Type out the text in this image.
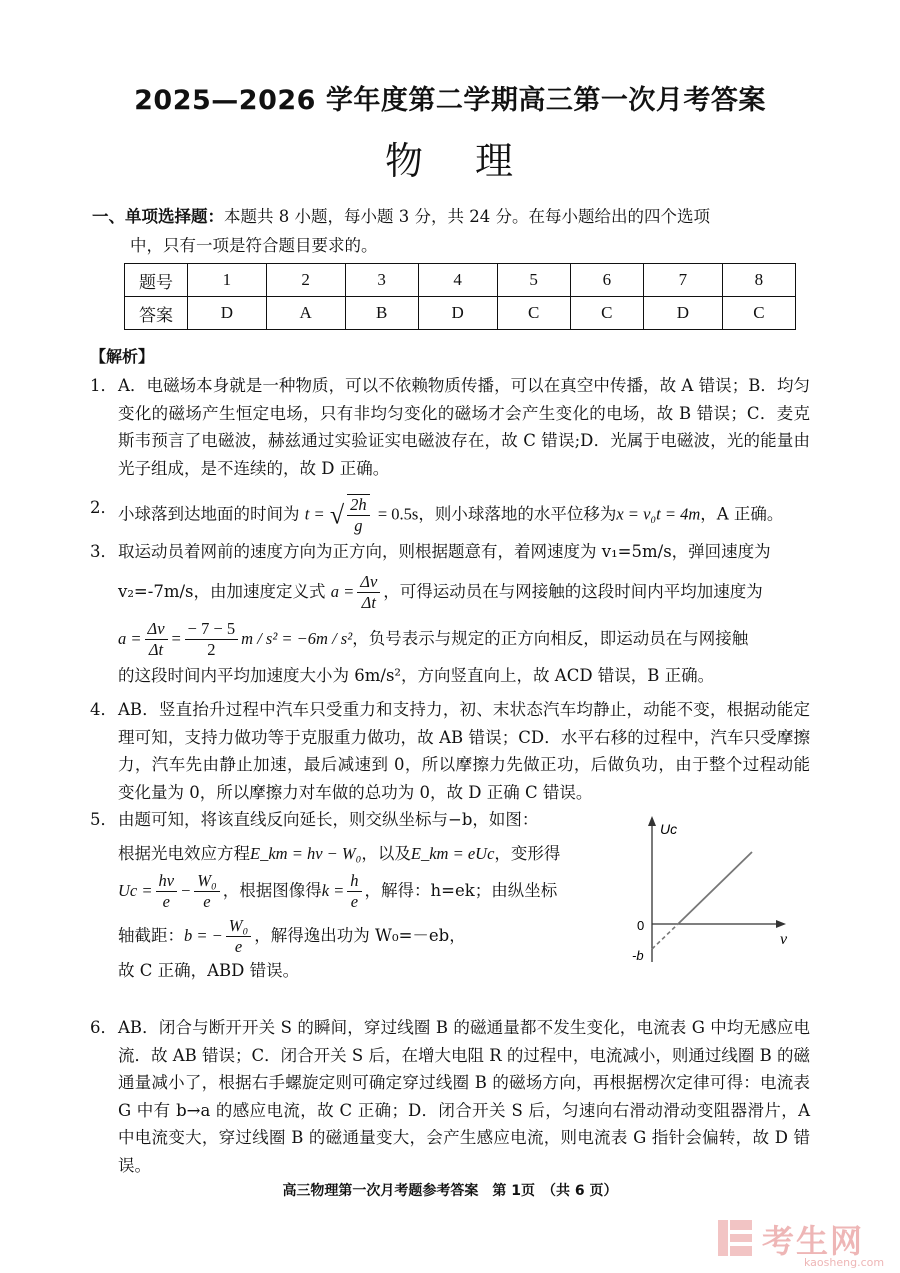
2025—2026 学年度第二学期高三第一次月考答案
物 理
一、单项选择题：本题共 8 小题，每小题 3 分，共 24 分。在每小题给出的四个选项
中，只有一项是符合题目要求的。
题号	1	2	3	4	5	6	7	8
答案	D	A	B	D	C	C	D	C
【解析】
1． A．电磁场本身就是一种物质，可以不依赖物质传播，可以在真空中传播，故 A 错误；B．均匀变化的磁场产生恒定电场，只有非均匀变化的磁场才会产生变化的电场，故 B 错误；C．麦克斯韦预言了电磁波，赫兹通过实验证实电磁波存在，故 C 错误;D．光属于电磁波，光的能量由光子组成，是不连续的，故 D 正确。
2． 小球落到达地面的时间为 t = √ $\frac{2h}{g} = 0.5s$，则小球落地的水平位移为x = v₀t = 4m，A 正确。
3． 取运动员着网前的速度方向为正方向，则根据题意有，着网速度为 v₁=5m/s，弹回速度为
v₂=-7m/s，由加速度定义式 $a = \frac{\Delta v}{\Delta t}$ ，可得运动员在与网接触的这段时间内平均加速度为
$a = \frac{\Delta v}{\Delta t} = \frac{- 7 - 5}{2}$ m / s² = −6m / s²，负号表示与规定的正方向相反，即运动员在与网接触
的这段时间内平均加速度大小为 6m/s²，方向竖直向上，故 ACD 错误，B 正确。
4． AB．竖直抬升过程中汽车只受重力和支持力，初、末状态汽车均静止，动能不变，根据动能定理可知，支持力做功等于克服重力做功，故 AB 错误；CD．水平右移的过程中，汽车只受摩擦力，汽车先由静止加速，最后减速到 0，所以摩擦力先做正功，后做负功，由于整个过程动能变化量为 0，所以摩擦力对车做的总功为 0，故 D 正确 C 错误。
5． 由题可知，将该直线反向延长，则交纵坐标与−b，如图：
根据光电效应方程E_km = hν − W₀，以及E_km = eUc，变形得
$Uc = \frac{h\nu}{e} - \frac{\text{W₀}}{e}$ ，根据图像得$k = \frac{h}{e}$ ，解得：h=ek；由纵坐标
轴截距：b = − $\frac{\text{W₀}}{e}$ ，解得逸出功为 W₀=－eb，
故 C 正确，ABD 错误。
Uc
ν
0
-b
6． AB．闭合与断开开关 S 的瞬间，穿过线圈 B 的磁通量都不发生变化，电流表 G 中均无感应电流．故 AB 错误；C．闭合开关 S 后，在增大电阻 R 的过程中，电流减小，则通过线圈 B 的磁通量减小了，根据右手螺旋定则可确定穿过线圈 B 的磁场方向，再根据楞次定律可得：电流表 G 中有 b→a 的感应电流，故 C 正确；D．闭合开关 S 后，匀速向右滑动滑动变阻器滑片，A 中电流变大，穿过线圈 B 的磁通量变大，会产生感应电流，则电流表 G 指针会偏转，故 D 错误。
高三物理第一次月考题参考答案　第 1页　（共 6 页）
考生网
kaosheng.com
